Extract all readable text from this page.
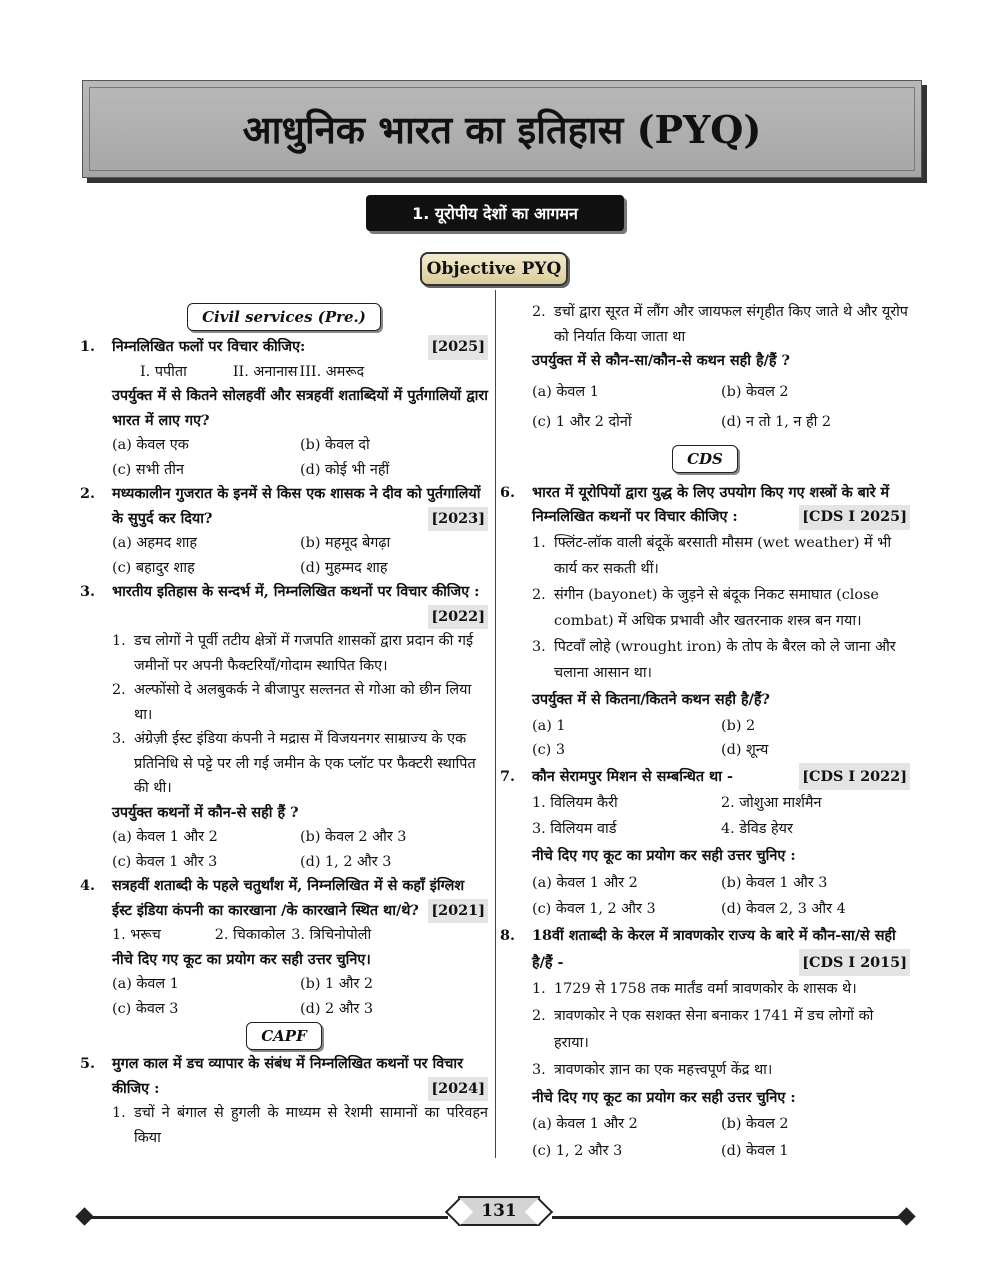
आधुनिक भारत का इतिहास (PYQ)
1. यूरोपीय देशों का आगमन
Objective PYQ
Civil services (Pre.)
1.	[2025]
निम्नलिखित फलों पर विचार कीजिए:
I. पपीता	II. अनानास III. अमरूद
उपर्युक्त में से कितने सोलहवीं और सत्रहवीं शताब्दियों में पुर्तगालियों द्वारा भारत में लाए गए?
(a) केवल एक	(b) केवल दो
(c) सभी तीन	(d) कोई भी नहीं
2.	मध्यकालीन गुजरात के इनमें से किस एक शासक ने दीव को पुर्तगालियों के सुपुर्द कर दिया?	[2023]
(a) अहमद शाह	(b) महमूद बेगढ़ा
(c) बहादुर शाह	(d) मुहम्मद शाह
3.	भारतीय इतिहास के सन्दर्भ में, निम्नलिखित कथनों पर विचार कीजिए :
[2022]
1. डच लोगों ने पूर्वी तटीय क्षेत्रों में गजपति शासकों द्वारा प्रदान की गई जमीनों पर अपनी फैक्टरियाँ/गोदाम स्थापित किए।
2. अल्फोंसो दे अलबुकर्क ने बीजापुर सल्तनत से गोआ को छीन लिया था।
3. अंग्रेज़ी ईस्ट इंडिया कंपनी ने मद्रास में विजयनगर साम्राज्य के एक प्रतिनिधि से पट्टे पर ली गई जमीन के एक प्लॉट पर फैक्टरी स्थापित की थी।
उपर्युक्त कथनों में कौन-से सही हैं ?
(a) केवल 1 और 2	(b) केवल 2 और 3
(c) केवल 1 और 3	(d) 1, 2 और 3
4.	सत्रहवीं शताब्दी के पहले चतुर्थांश में, निम्नलिखित में से कहाँ इंग्लिश ईस्ट इंडिया कंपनी का कारखाना /के कारखाने स्थित था/थे? [2021]
1. भरूच	2. चिकाकोल 3. त्रिचिनोपोली
नीचे दिए गए कूट का प्रयोग कर सही उत्तर चुनिए।
(a) केवल 1	(b) 1 और 2
(c) केवल 3	(d) 2 और 3
CAPF
5.	मुगल काल में डच व्यापार के संबंध में निम्नलिखित कथनों पर विचार कीजिए :	[2024]
1. डचों ने बंगाल से हुगली के माध्यम से रेशमी सामानों का परिवहन किया
2. डचों द्वारा सूरत में लौंग और जायफल संगृहीत किए जाते थे और यूरोप को निर्यात किया जाता था
उपर्युक्त में से कौन-सा/कौन-से कथन सही है/हैं ?
(a) केवल 1	(b) केवल 2
(c) 1 और 2 दोनों	(d) न तो 1, न ही 2
CDS
6.	भारत में यूरोपियों द्वारा युद्ध के लिए उपयोग किए गए शस्त्रों के बारे में निम्नलिखित कथनों पर विचार कीजिए :	[CDS I 2025]
1. फ्लिंट-लॉक वाली बंदूकें बरसाती मौसम (wet weather) में भी कार्य कर सकती थीं।
2. संगीन (bayonet) के जुड़ने से बंदूक निकट समाघात (close combat) में अधिक प्रभावी और खतरनाक शस्त्र बन गया।
3. पिटवाँ लोहे (wrought iron) के तोप के बैरल को ले जाना और चलाना आसान था।
उपर्युक्त में से कितना/कितने कथन सही है/हैं?
(a) 1	(b) 2
(c) 3	(d) शून्य
7.	कौन सेरामपुर मिशन से सम्बन्धित था -	[CDS I 2022]
1. विलियम कैरी	2. जोशुआ मार्शमैन
3. विलियम वार्ड	4. डेविड हेयर
नीचे दिए गए कूट का प्रयोग कर सही उत्तर चुनिए :
(a) केवल 1 और 2	(b) केवल 1 और 3
(c) केवल 1, 2 और 3	(d) केवल 2, 3 और 4
8.	18वीं शताब्दी के केरल में त्रावणकोर राज्य के बारे में कौन-सा/से सही है/हैं -	[CDS I 2015]
1. 1729 से 1758 तक मार्तंड वर्मा त्रावणकोर के शासक थे।
2. त्रावणकोर ने एक सशक्त सेना बनाकर 1741 में डच लोगों को हराया।
3. त्रावणकोर ज्ञान का एक महत्त्वपूर्ण केंद्र था।
नीचे दिए गए कूट का प्रयोग कर सही उत्तर चुनिए :
(a) केवल 1 और 2	(b) केवल 2
(c) 1, 2 और 3	(d) केवल 1
131
